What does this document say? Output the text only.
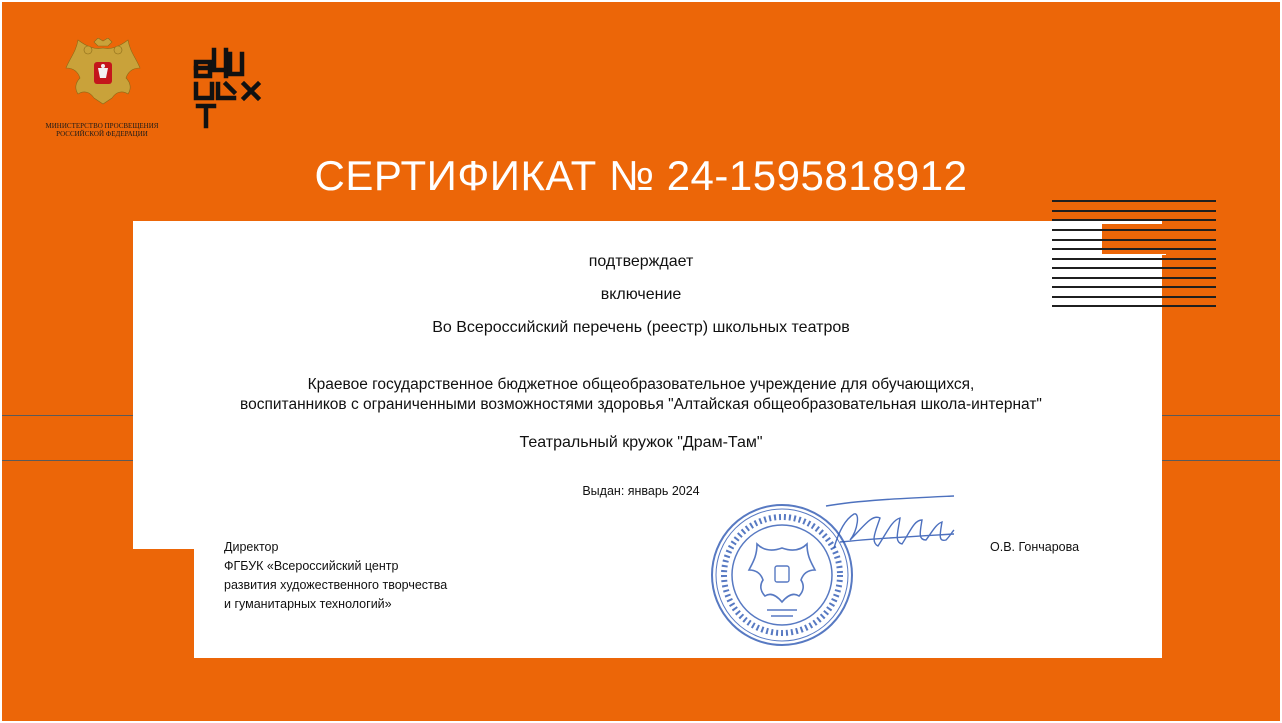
МИНИСТЕРСТВО ПРОСВЕЩЕНИЯ
РОССИЙСКОЙ ФЕДЕРАЦИИ
СЕРТИФИКАТ № 24-1595818912
подтверждает
включение
Во Всероссийский перечень (реестр) школьных театров
Краевое государственное бюджетное общеобразовательное учреждение для обучающихся,
воспитанников с ограниченными возможностями здоровья "Алтайская общеобразовательная школа-интернат"
Театральный кружок "Драм-Там"
Выдан: январь 2024
Директор
ФГБУК «Всероссийский центр
развития художественного творчества
и гуманитарных технологий»
О.В. Гончарова
